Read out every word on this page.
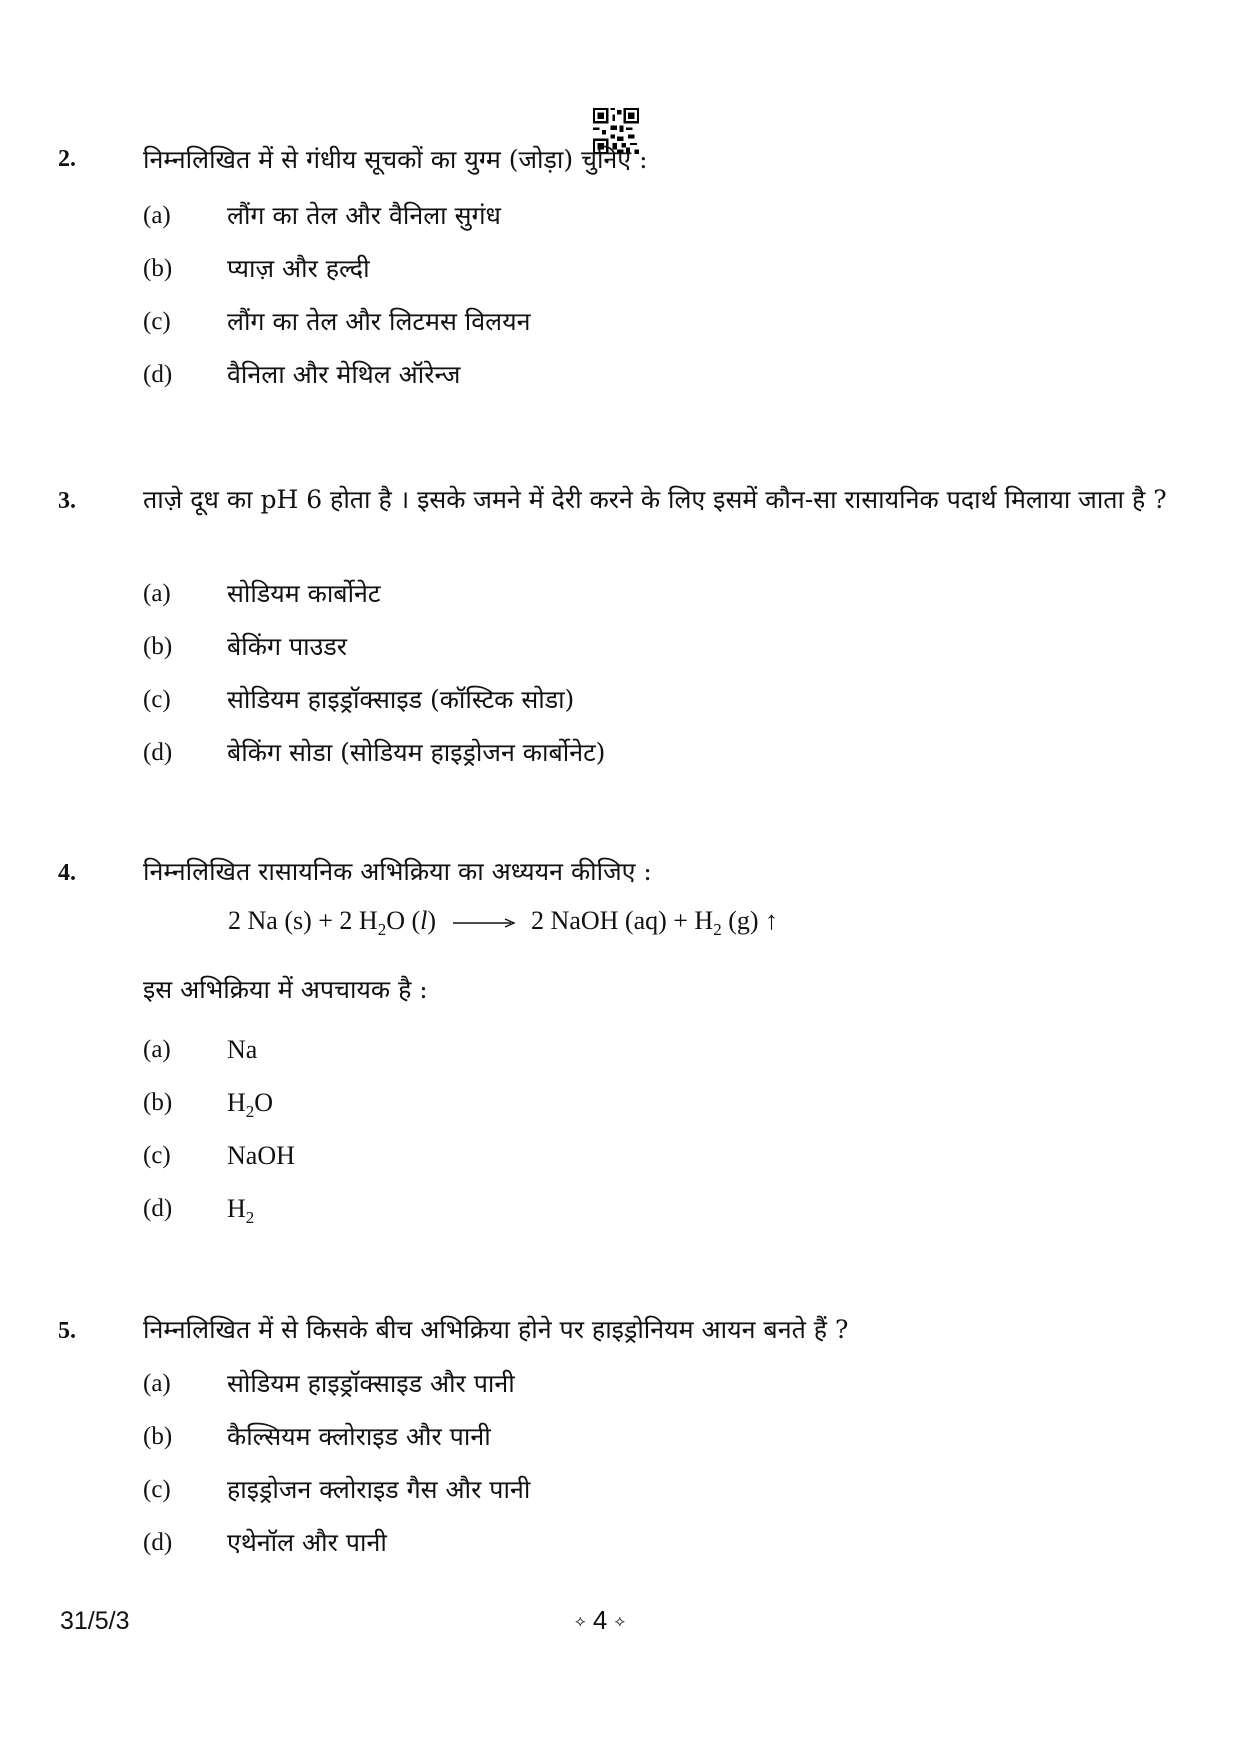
2.	निम्नलिखित में से गंधीय सूचकों का युग्म (जोड़ा) चुनिए :
(a) लौंग का तेल और वैनिला सुगंध
(b) प्याज़ और हल्दी
(c) लौंग का तेल और लिटमस विलयन
(d) वैनिला और मेथिल ऑरेन्ज
3.	ताज़े दूध का pH 6 होता है । इसके जमने में देरी करने के लिए इसमें कौन-सा रासायनिक पदार्थ मिलाया जाता है ?
(a) सोडियम कार्बोनेट
(b) बेकिंग पाउडर
(c) सोडियम हाइड्रॉक्साइड (कॉस्टिक सोडा)
(d) बेकिंग सोडा (सोडियम हाइड्रोजन कार्बोनेट)
4.	निम्नलिखित रासायनिक अभिक्रिया का अध्ययन कीजिए :
2 Na (s) + 2 $H_2O$ (l) → 2 NaOH $(aq) + H_2$ (g) ↑
इस अभिक्रिया में अपचायक है :
(a) Na
(b) $H_2O$
(c) NaOH
(d) $H_2$
5.	निम्नलिखित में से किसके बीच अभिक्रिया होने पर हाइड्रोनियम आयन बनते हैं ?
(a) सोडियम हाइड्रॉक्साइड और पानी
(b) कैल्सियम क्लोराइड और पानी
(c) हाइड्रोजन क्लोराइड गैस और पानी
(d) एथेनॉल और पानी
31/5/3	⟡ 4 ⟡
